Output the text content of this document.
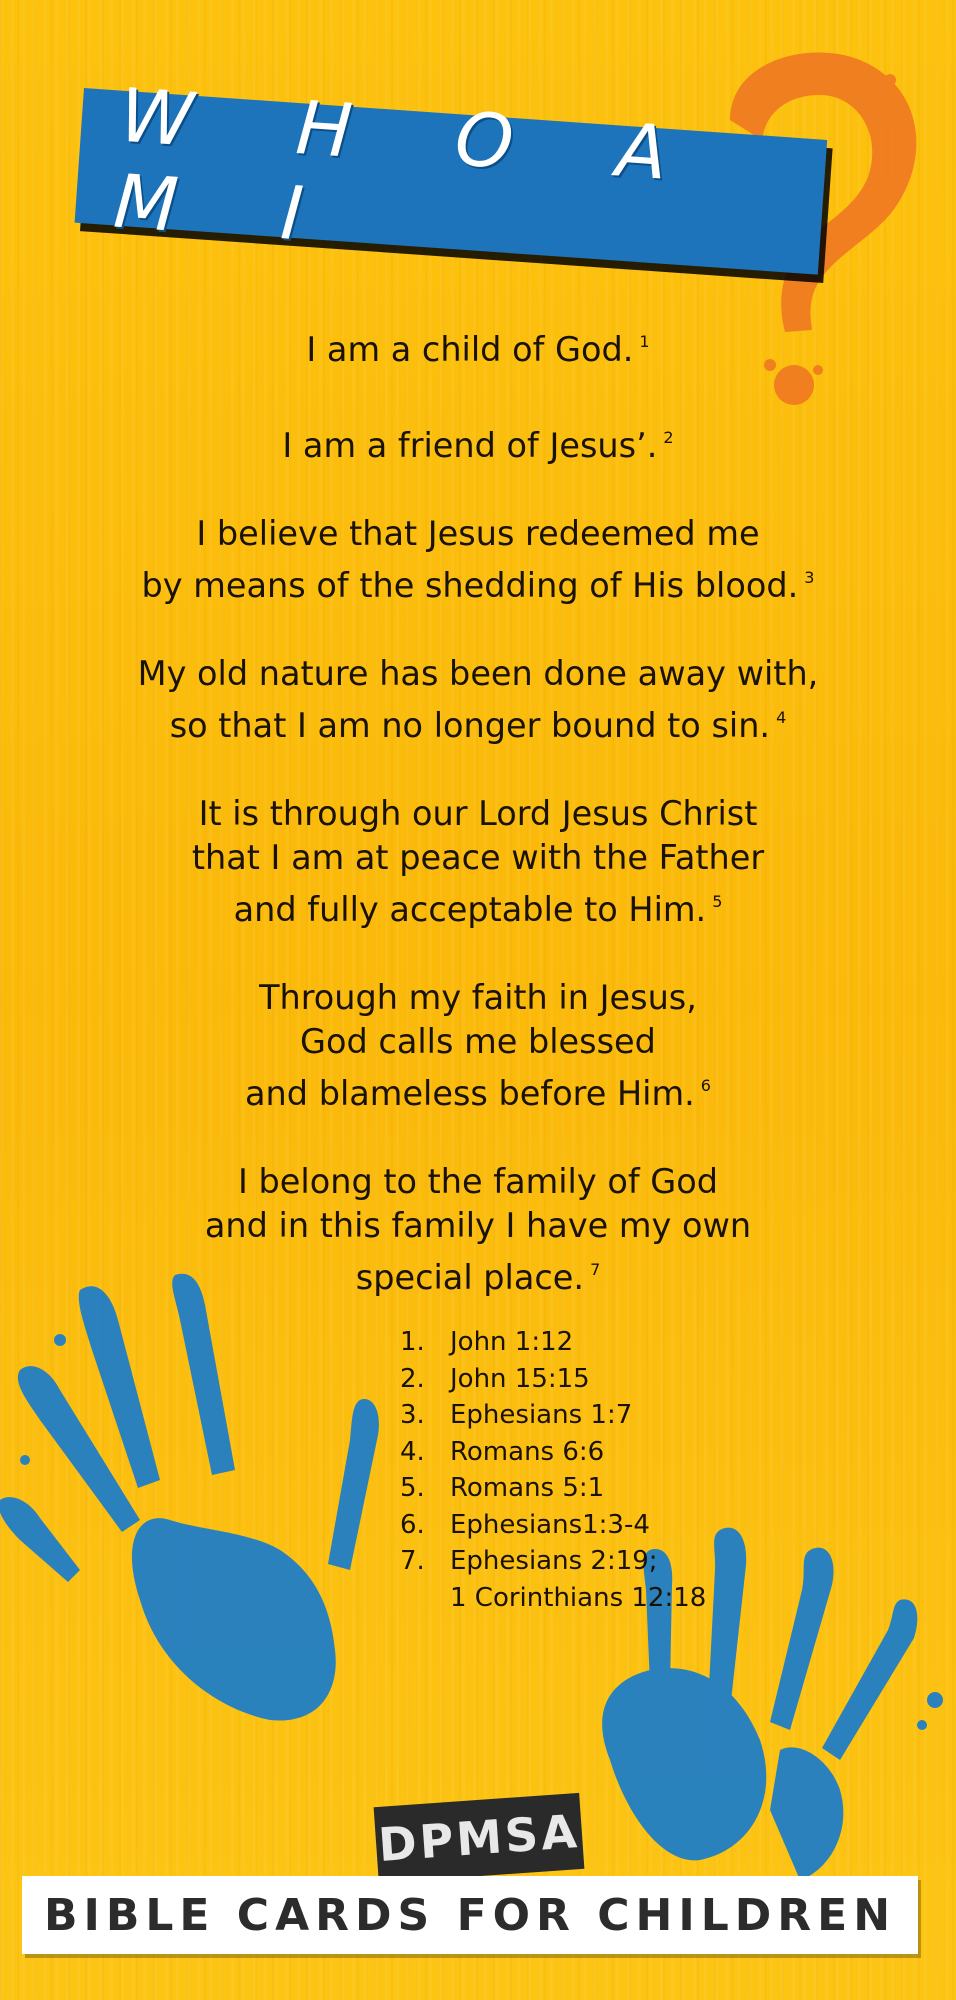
W H O A M I
I am a child of God. $^1$
I am a friend of Jesus’. $^2$
I believe that Jesus redeemed me
by means of the shedding of His blood. $^3$
My old nature has been done away with,
so that I am no longer bound to sin. $^4$
It is through our Lord Jesus Christ
that I am at peace with the Father
and fully acceptable to Him. $^5$
Through my faith in Jesus,
God calls me blessed
and blameless before Him. $^6$
I belong to the family of God
and in this family I have my own
special place. $^7$
1. John 1:12
2. John 15:15
3. Ephesians 1:7
4. Romans 6:6
5. Romans 5:1
6. Ephesians1:3-4
7. Ephesians 2:19;
1 Corinthians 12:18
DPMSA
BIBLE CARDS FOR CHILDREN
